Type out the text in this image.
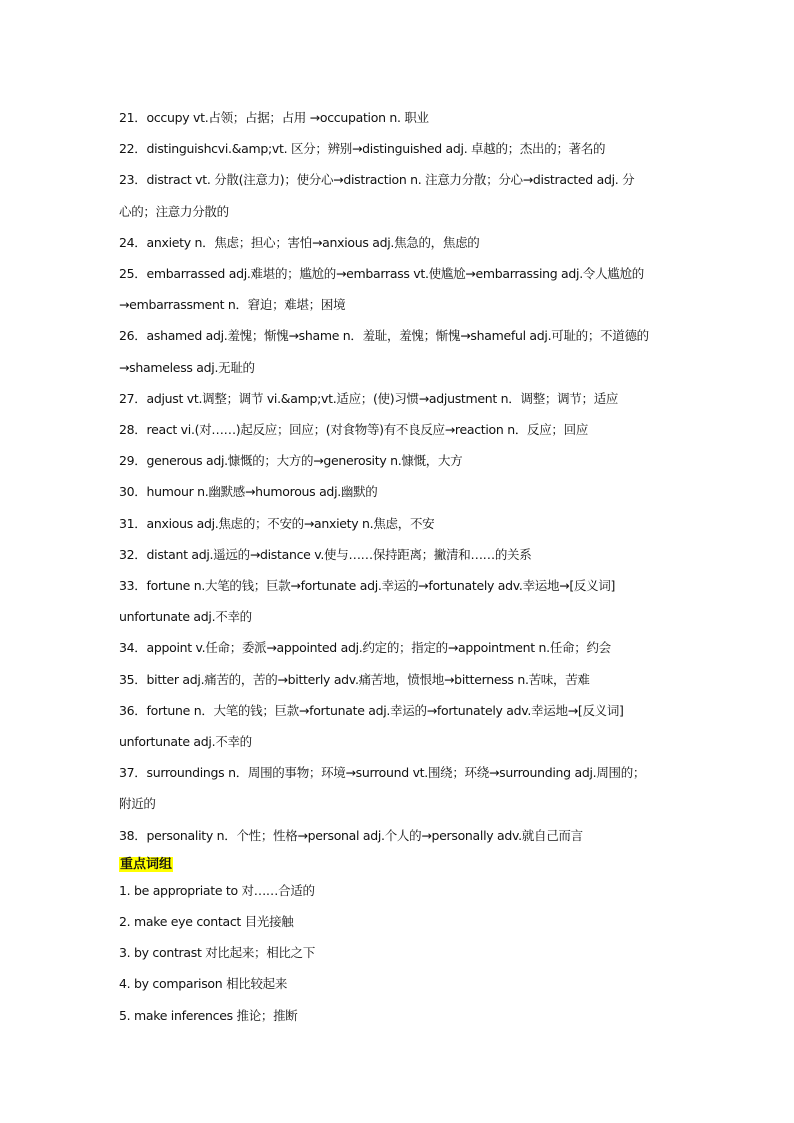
21．occupy vt.占领；占据；占用 →occupation n. 职业
22．distinguishcvi.&amp;vt. 区分；辨别→distinguished adj. 卓越的；杰出的；著名的
23．distract vt. 分散(注意力)；使分心→distraction n. 注意力分散；分心→distracted adj. 分
心的；注意力分散的
24．anxiety n．焦虑；担心；害怕→anxious adj.焦急的，焦虑的
25．embarrassed adj.难堪的；尴尬的→embarrass vt.使尴尬→embarrassing adj.令人尴尬的
→embarrassment n．窘迫；难堪；困境
26．ashamed adj.羞愧；惭愧→shame n．羞耻，羞愧；惭愧→shameful adj.可耻的；不道德的
→shameless adj.无耻的
27．adjust vt.调整；调节 vi.&amp;vt.适应；(使)习惯→adjustment n．调整；调节；适应
28．react vi.(对……)起反应；回应；(对食物等)有不良反应→reaction n．反应；回应
29．generous adj.慷慨的；大方的→generosity n.慷慨，大方
30．humour n.幽默感→humorous adj.幽默的
31．anxious adj.焦虑的；不安的→anxiety n.焦虑，不安
32．distant adj.遥远的→distance v.使与……保持距离；撇清和……的关系
33．fortune n.大笔的钱；巨款→fortunate adj.幸运的→fortunately adv.幸运地→[反义词]
unfortunate adj.不幸的
34．appoint v.任命；委派→appointed adj.约定的；指定的→appointment n.任命；约会
35．bitter adj.痛苦的，苦的→bitterly adv.痛苦地，愤恨地→bitterness n.苦味，苦难
36．fortune n．大笔的钱；巨款→fortunate adj.幸运的→fortunately adv.幸运地→[反义词]
unfortunate adj.不幸的
37．surroundings n．周围的事物；环境→surround vt.围绕；环绕→surrounding adj.周围的；
附近的
38．personality n．个性；性格→personal adj.个人的→personally adv.就自己而言
重点词组
1. be appropriate to 对……合适的
2. make eye contact 目光接触
3. by contrast 对比起来；相比之下
4. by comparison 相比较起来
5. make inferences 推论；推断
